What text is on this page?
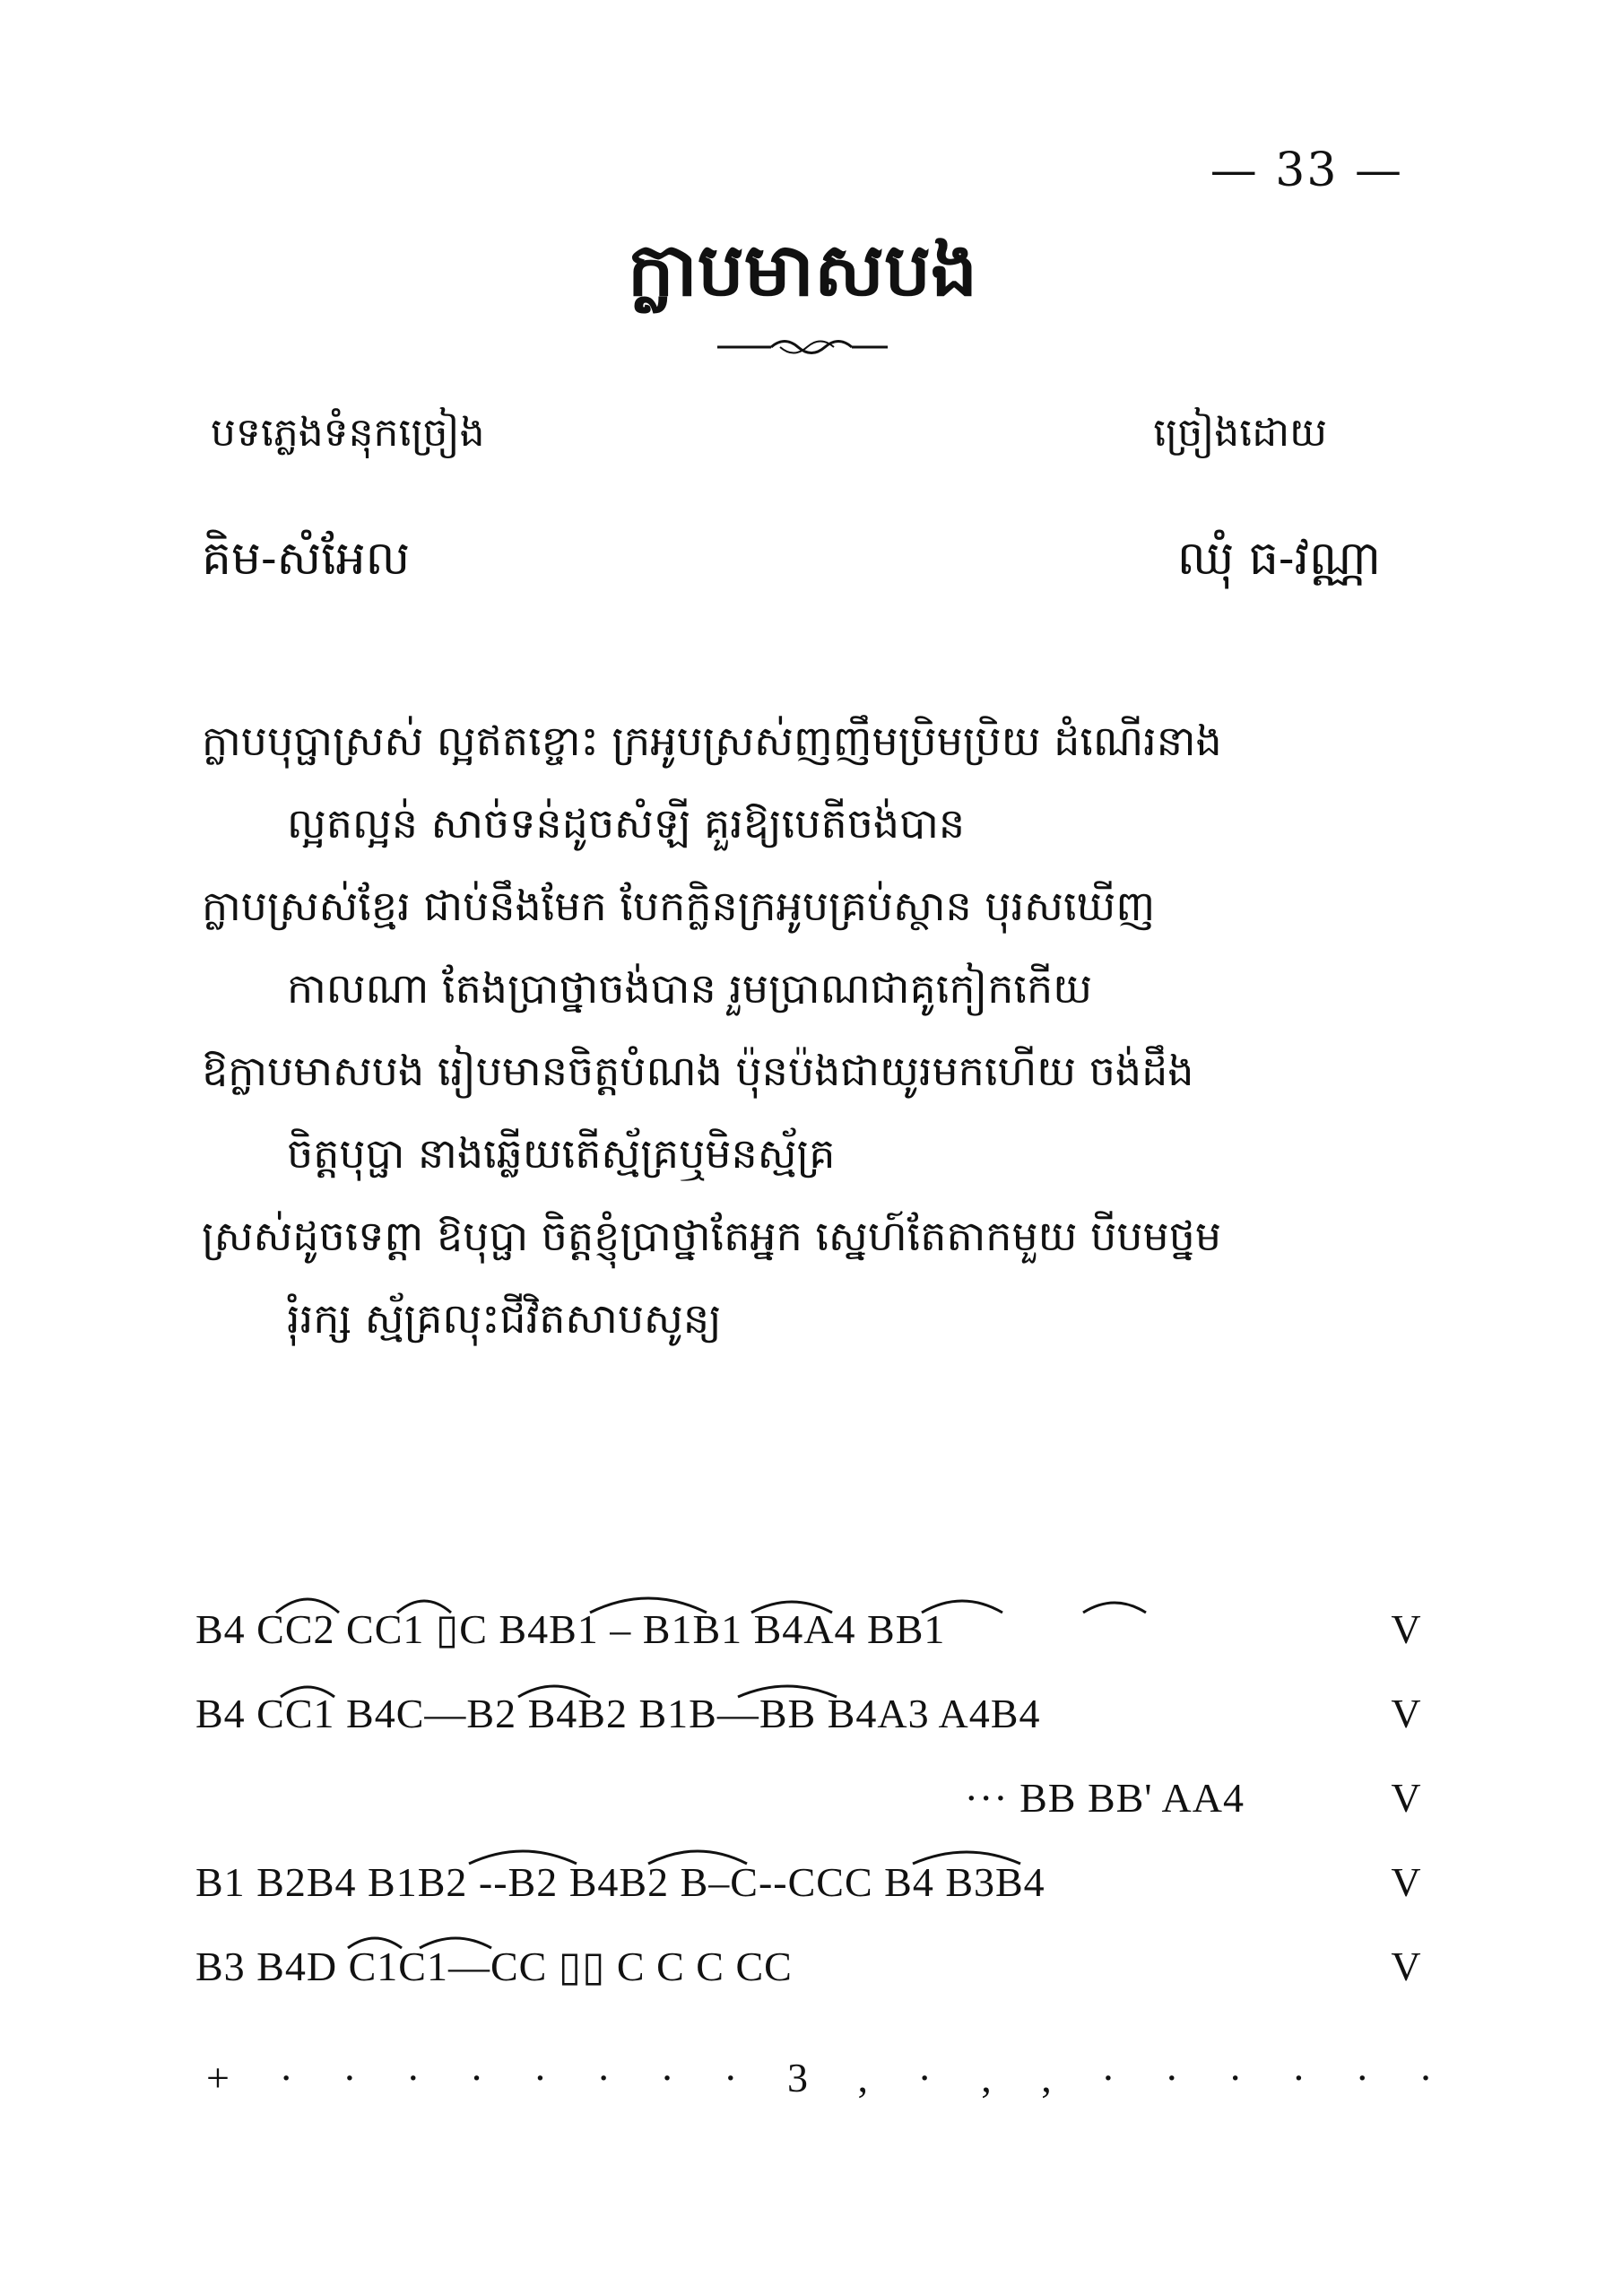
— 33 —
ក្លាបមាសបង
បទភ្លេងទំនុកច្រៀង	ច្រៀងដោយ
គិម-សំអែល	ឈុំ ធ-វណ្ណា
ក្លាបបុប្ផាស្រស់ ល្អឥតខ្ចោះ ក្រអូបស្រស់ញញឹមប្រិមប្រិយ ដំណើរនាង
ល្អតល្អន់ ​សាច់ទន់ដូចសំឡី ​គួរឱ្យបេតីចង់បាន
ក្លាបស្រស់ខ្មែរ ជាប់នឹងមែក បែកក្លិនក្រអូបគ្រប់ស្ថាន ​បុរសឃើញ
កាលណា តែងប្រាថ្នាចង់បាន ​រួមប្រាណជាគូកៀកកើយ
ឱក្លាបមាសបង ​រៀបមានចិត្តបំណង ​ប៉ុនប៉ងជាយូរមកហើយ ​ចង់ដឹង
ចិត្តបុប្ផា ​នាងឆ្លើយតើស្ម័គ្រឬមិនស្ម័គ្រ
ស្រស់ដូចទេព្តា ​ឱបុប្ផា ​ចិត្តខ្ញុំប្រាថ្នាតែអ្នក ​ស្នេហ៍តែតាកមួយ ​បីបមថ្នម
រុំរក្ស ​ស្ម័គ្រលុះជីវិតសាបសូន្យ
B4 CC2 CC1 ▯C B4B1 – B1B1 B4A4 BB1
B4 CC1 B4C—B2 B4B2 B1B—BB B4A3 A4B4
··· BB BB' AA4
B1 B2B4 B1B2 --B2 B4B2 B–C--CCC B4 B3B4
B3 B4D C1C1—CC ▯▯ C C C CC
V
V
V
V
V
+ · · · · · · · · 3 , · , , · · · · · ·
